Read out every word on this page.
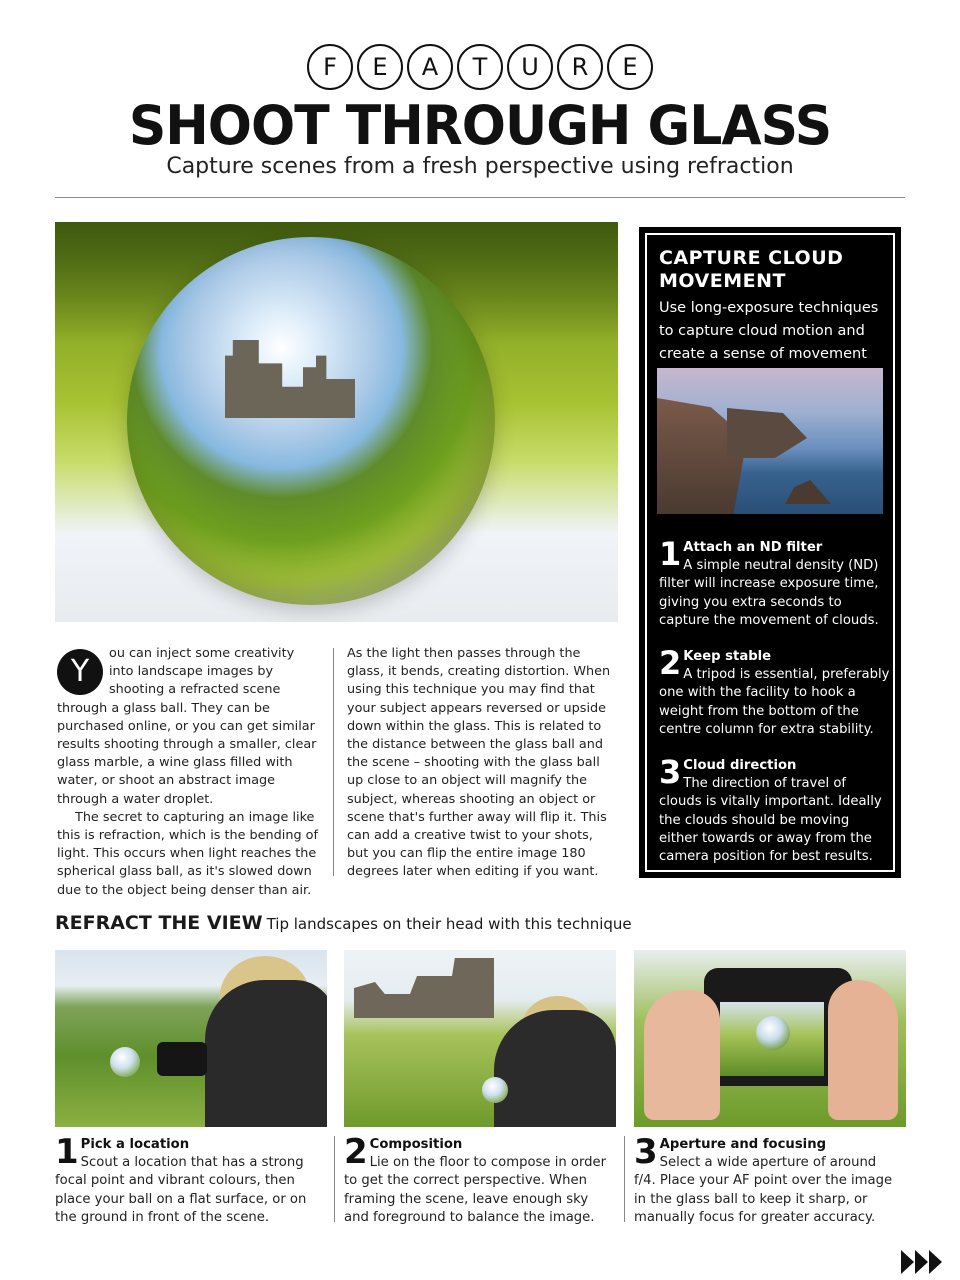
F	E	A	T	U	R	E
SHOOT THROUGH GLASS
Capture scenes from a fresh perspective using refraction

Y
ou can inject some creativity into landscape images by shooting a refracted scene through a glass ball. They can be purchased online, or you can get similar results shooting through a smaller, clear glass marble, a wine glass filled with water, or shoot an abstract image through a water droplet.

The secret to capturing an image like this is refraction, which is the bending of light. This occurs when light reaches the spherical glass ball, as it's slowed down due to the object being denser than air.

As the light then passes through the glass, it bends, creating distortion. When using this technique you may find that your subject appears reversed or upside down within the glass. This is related to the distance between the glass ball and the scene – shooting with the glass ball up close to an object will magnify the subject, whereas shooting an object or scene that's further away will flip it. This can add a creative twist to your shots, but you can flip the entire image 180 degrees later when editing if you want.

CAPTURE CLOUD MOVEMENT
Use long-exposure techniques to capture cloud motion and create a sense of movement
1 Attach an ND filter
A simple neutral density (ND) filter will increase exposure time, giving you extra seconds to capture the movement of clouds.
2 Keep stable
A tripod is essential, preferably one with the facility to hook a weight from the bottom of the centre column for extra stability.
3 Cloud direction
The direction of travel of clouds is vitally important. Ideally the clouds should be moving either towards or away from the camera position for best results.
REFRACT THE VIEW Tip landscapes on their head with this technique
1 Pick a location
Scout a location that has a strong focal point and vibrant colours, then place your ball on a flat surface, or on the ground in front of the scene.
2 Composition
Lie on the floor to compose in order to get the correct perspective. When framing the scene, leave enough sky and foreground to balance the image.
3 Aperture and focusing
Select a wide aperture of around f/4. Place your AF point over the image in the glass ball to keep it sharp, or manually focus for greater accuracy.
